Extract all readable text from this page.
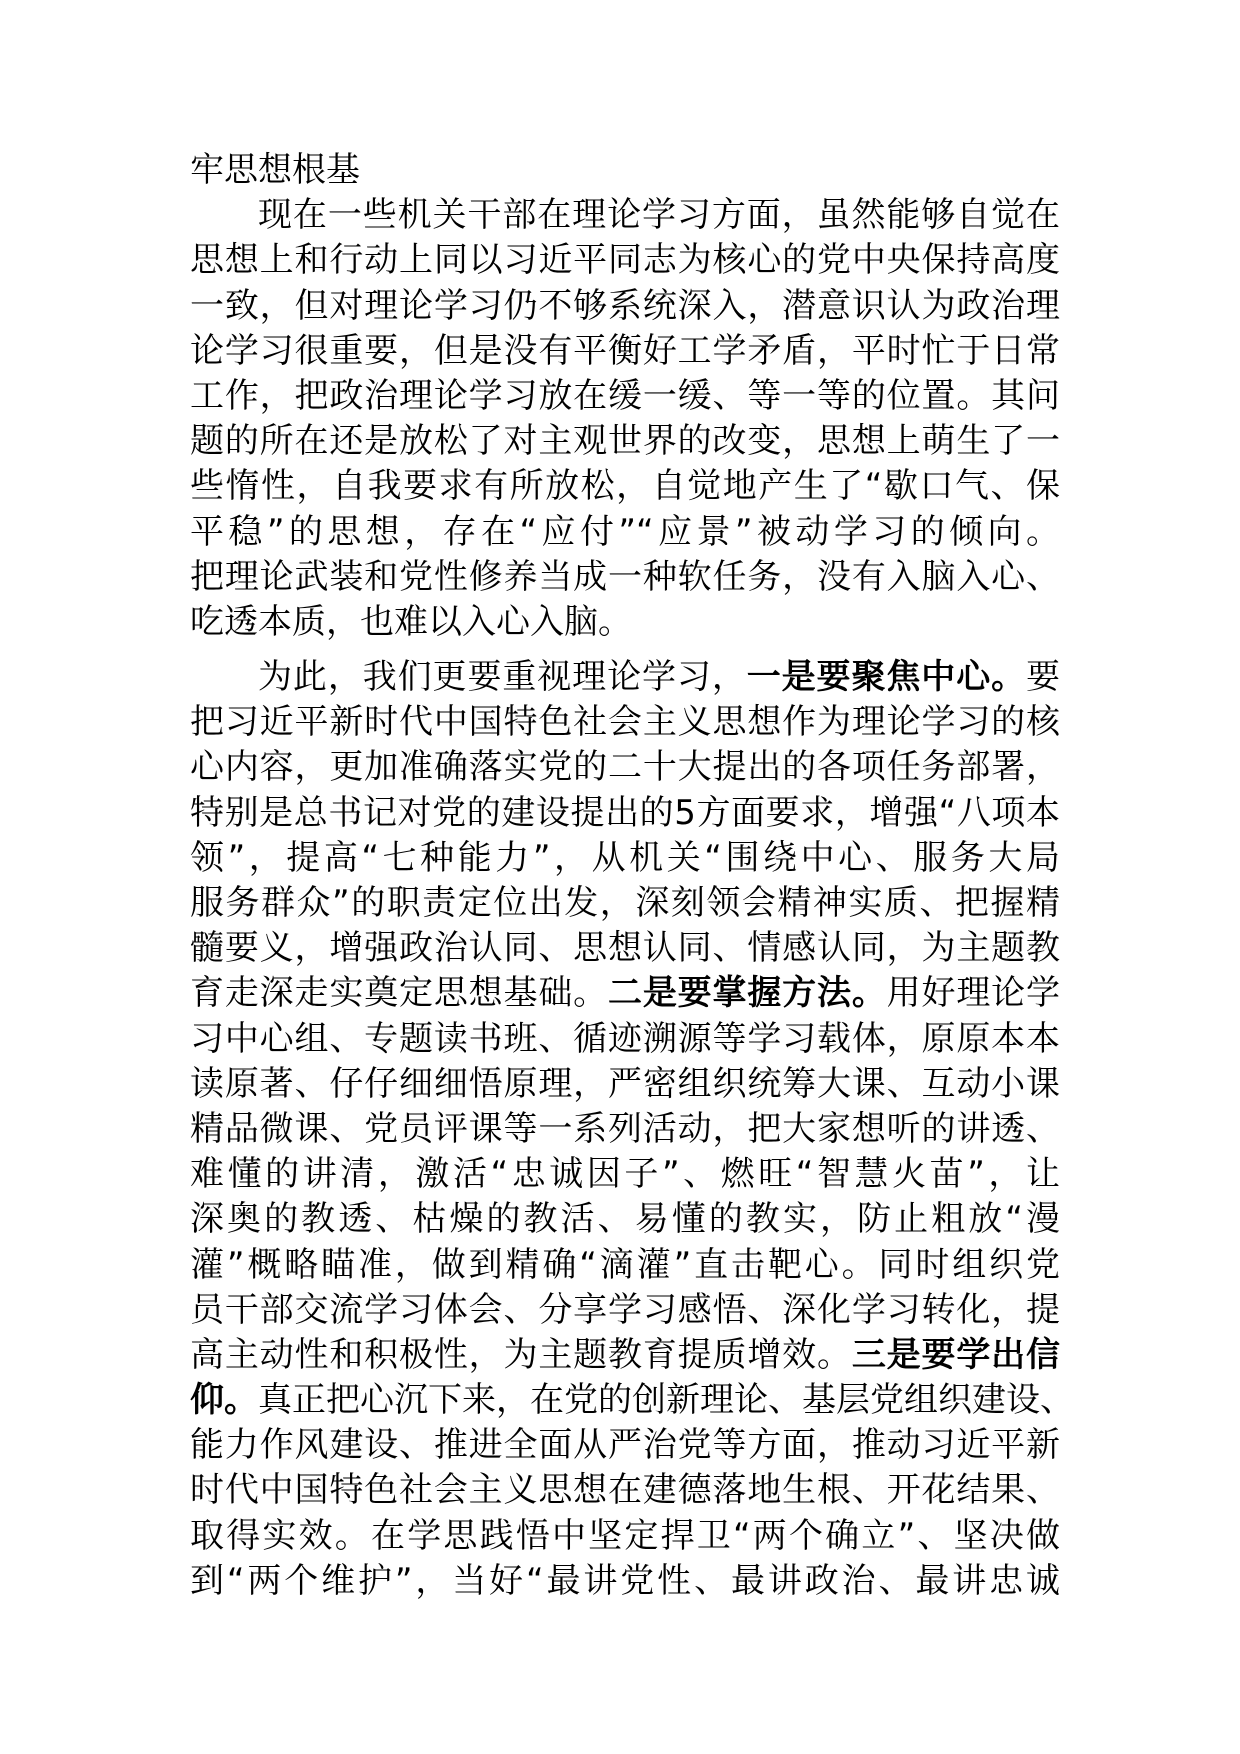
牢思想根基
现在一些机关干部在理论学习方面，虽然能够自觉在
思想上和行动上同以习近平同志为核心的党中央保持高度
一致，但对理论学习仍不够系统深入，潜意识认为政治理
论学习很重要，但是没有平衡好工学矛盾，平时忙于日常
工作，把政治理论学习放在缓一缓、等一等的位置。其问
题的所在还是放松了对主观世界的改变，思想上萌生了一
些惰性，自我要求有所放松，自觉地产生了“歇口气、保
平稳”的思想，存在“应付”“应景”被动学习的倾向。
把理论武装和党性修养当成一种软任务，没有入脑入心、
吃透本质，也难以入心入脑。
为此，我们更要重视理论学习，一是要聚焦中心。要
把习近平新时代中国特色社会主义思想作为理论学习的核
心内容，更加准确落实党的二十大提出的各项任务部署，
特别是总书记对党的建设提出的5方面要求，增强“八项本
领”，提高“七种能力”，从机关“围绕中心、服务大局
服务群众”的职责定位出发，深刻领会精神实质、把握精
髓要义，增强政治认同、思想认同、情感认同，为主题教
育走深走实奠定思想基础。二是要掌握方法。用好理论学
习中心组、专题读书班、循迹溯源等学习载体，原原本本
读原著、仔仔细细悟原理，严密组织统筹大课、互动小课
精品微课、党员评课等一系列活动，把大家想听的讲透、
难懂的讲清，激活“忠诚因子”、燃旺“智慧火苗”，让
深奥的教透、枯燥的教活、易懂的教实，防止粗放“漫
灌”概略瞄准，做到精确“滴灌”直击靶心。同时组织党
员干部交流学习体会、分享学习感悟、深化学习转化，提
高主动性和积极性，为主题教育提质增效。三是要学出信
仰。真正把心沉下来，在党的创新理论、基层党组织建设、
能力作风建设、推进全面从严治党等方面，推动习近平新
时代中国特色社会主义思想在建德落地生根、开花结果、
取得实效。在学思践悟中坚定捍卫“两个确立”、坚决做
到“两个维护”，当好“最讲党性、最讲政治、最讲忠诚
